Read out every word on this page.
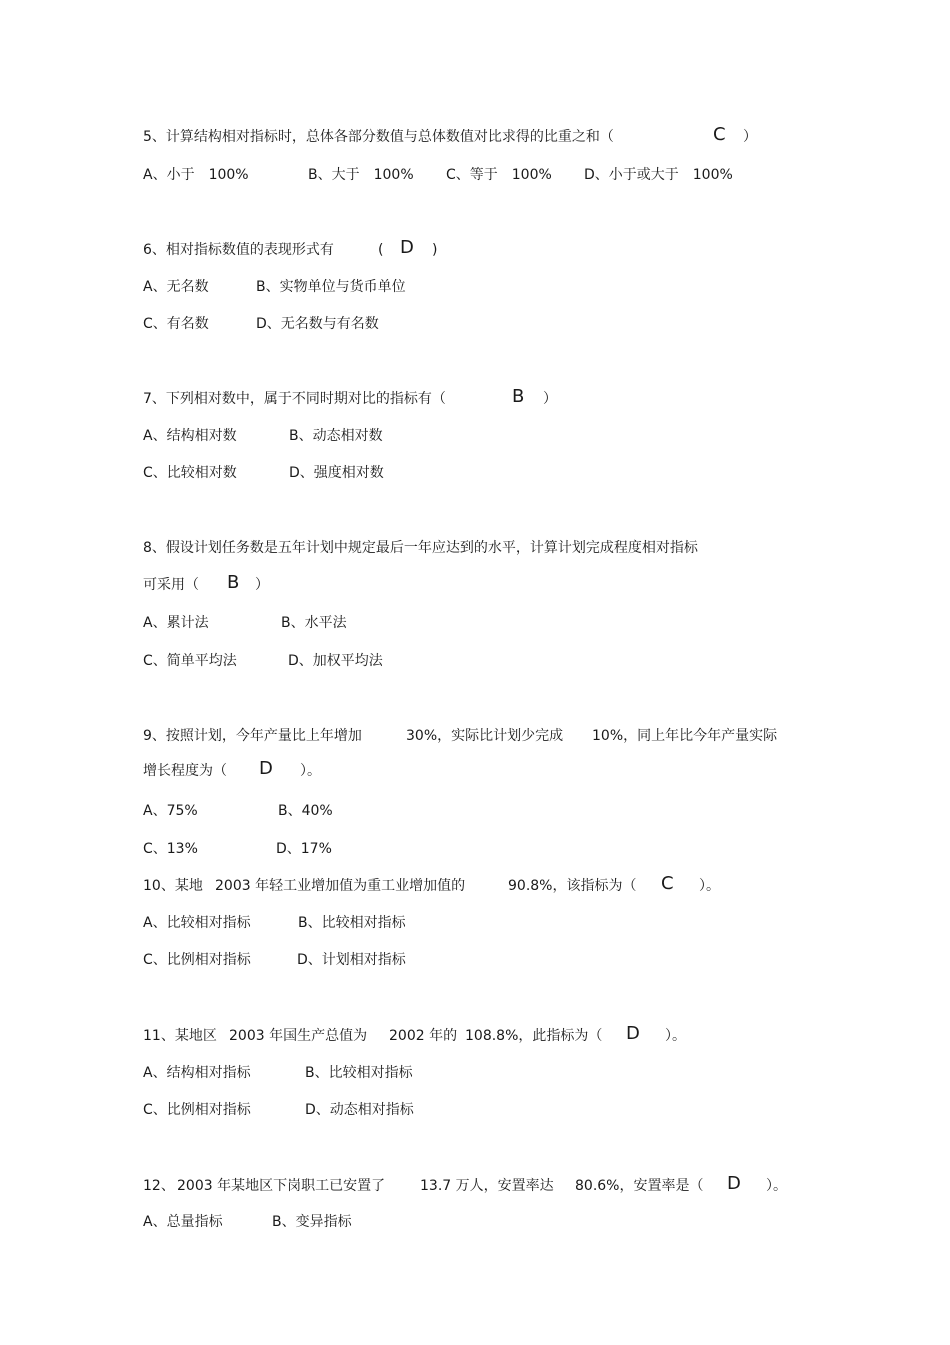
5、计算结构相对指标时，总体各部分数值与总体数值对比求得的比重之和（	C ）
A、小于　100%	B、大于　100% C、等于　100% D、小于或大于　100%
6、相对指标数值的表现形式有	( D )
A、无名数	B、实物单位与货币单位
C、有名数	D、无名数与有名数
7、下列相对数中，属于不同时期对比的指标有（	B ）
A、结构相对数	B、动态相对数
C、比较相对数	D、强度相对数
8、假设计划任务数是五年计划中规定最后一年应达到的水平，计算计划完成程度相对指标
可采用（ B ）
A、累计法	B、水平法
C、简单平均法	D、加权平均法
9、按照计划，今年产量比上年增加	30%，实际比计划少完成 10%，同上年比今年产量实际
增长程度为（ D ）。
A、75%	B、40%
C、13%	D、17%
10、某地 2003 年轻工业增加值为重工业增加值的	90.8%，该指标为（ C ）。
A、比较相对指标	B、比较相对指标
C、比例相对指标	D、计划相对指标
11、某地区 2003 年国生产总值为 2002 年的 108.8%，此指标为（ D ）。
A、结构相对指标	B、比较相对指标
C、比例相对指标	D、动态相对指标
12、 2003 年某地区下岗职工已安置了 13.7 万人，安置率达 80.6%，安置率是（ D ）。
A、总量指标	B、变异指标
